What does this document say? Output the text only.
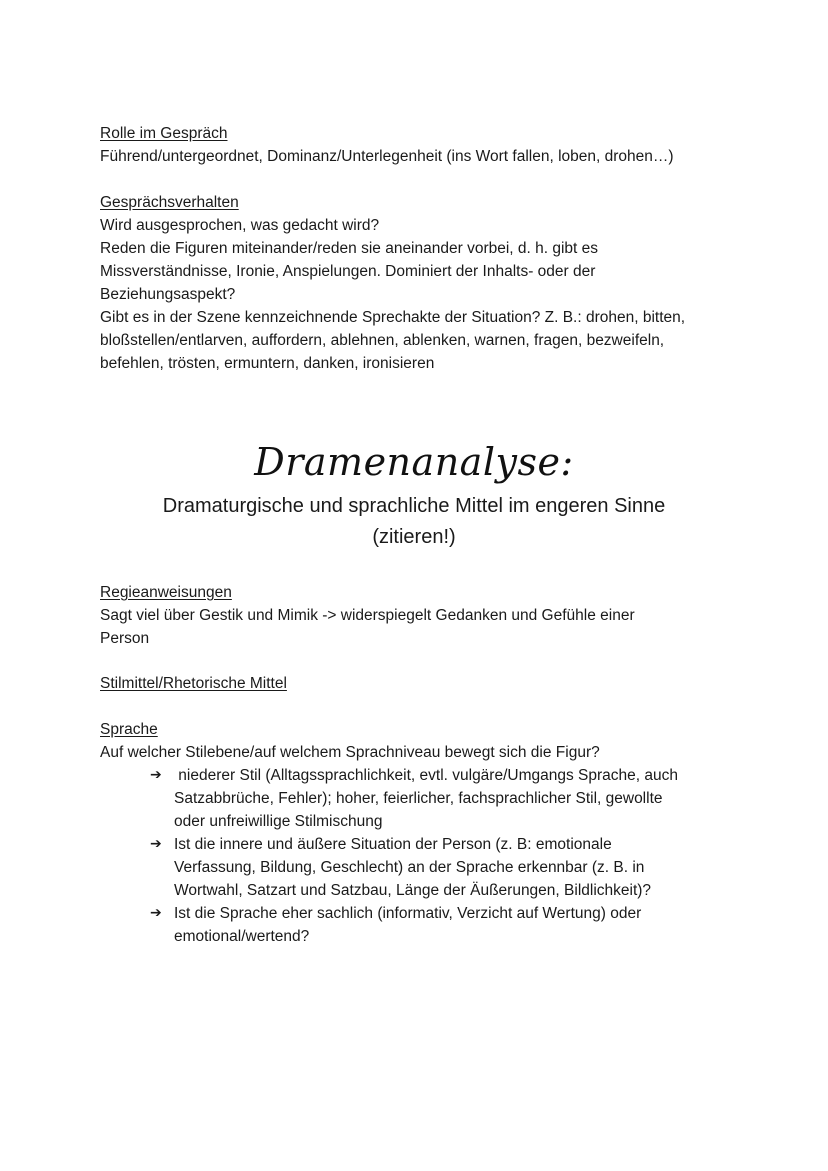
Rolle im Gespräch

Führend/untergeordnet, Dominanz/Unterlegenheit (ins Wort fallen, loben, drohen…)

Gesprächsverhalten

Wird ausgesprochen, was gedacht wird?

Reden die Figuren miteinander/reden sie aneinander vorbei, d. h. gibt es

Missverständnisse, Ironie, Anspielungen. Dominiert der Inhalts- oder der

Beziehungsaspekt?

Gibt es in der Szene kennzeichnende Sprechakte der Situation? Z. B.: drohen, bitten,

bloßstellen/entlarven, auffordern, ablehnen, ablenken, warnen, fragen, bezweifeln,

befehlen, trösten, ermuntern, danken, ironisieren

Dramenanalyse:
Dramaturgische und sprachliche Mittel im engeren Sinne
(zitieren!)

Regieanweisungen

Sagt viel über Gestik und Mimik -> widerspiegelt Gedanken und Gefühle einer

Person

Stilmittel/Rhetorische Mittel

Sprache

Auf welcher Stilebene/auf welchem Sprachniveau bewegt sich die Figur?

➔ niederer Stil (Alltagssprachlichkeit, evtl. vulgäre/Umgangs Sprache, auch

Satzabbrüche, Fehler); hoher, feierlicher, fachsprachlicher Stil, gewollte

oder unfreiwillige Stilmischung

➔ Ist die innere und äußere Situation der Person (z. B: emotionale

Verfassung, Bildung, Geschlecht) an der Sprache erkennbar (z. B. in

Wortwahl, Satzart und Satzbau, Länge der Äußerungen, Bildlichkeit)?

➔ Ist die Sprache eher sachlich (informativ, Verzicht auf Wertung) oder

emotional/wertend?
